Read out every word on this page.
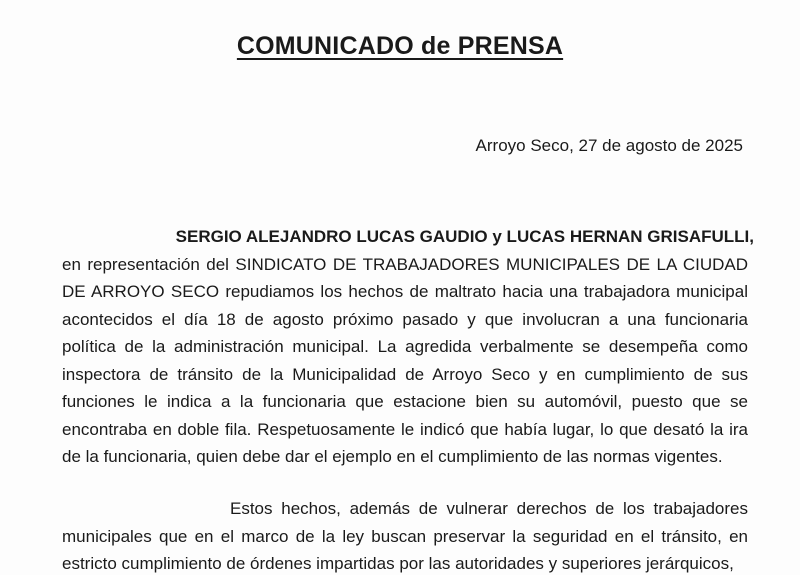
COMUNICADO de PRENSA
Arroyo Seco, 27 de agosto de 2025
SERGIO ALEJANDRO LUCAS GAUDIO y LUCAS HERNAN GRISAFULLI,
en representación del SINDICATO DE TRABAJADORES MUNICIPALES DE LA CIUDAD DE ARROYO SECO repudiamos los hechos de maltrato hacia una trabajadora municipal acontecidos el día 18 de agosto próximo pasado y que involucran a una funcionaria política de la administración municipal. La agredida verbalmente se desempeña como inspectora de tránsito de la Municipalidad de Arroyo Seco y en cumplimiento de sus funciones le indica a la funcionaria que estacione bien su automóvil, puesto que se encontraba en doble fila. Respetuosamente le indicó que había lugar, lo que desató la ira de la funcionaria, quien debe dar el ejemplo en el cumplimiento de las normas vigentes.
Estos hechos, además de vulnerar derechos de los trabajadores municipales que en el marco de la ley buscan preservar la seguridad en el tránsito, en estricto cumplimiento de órdenes impartidas por las autoridades y superiores jerárquicos,
